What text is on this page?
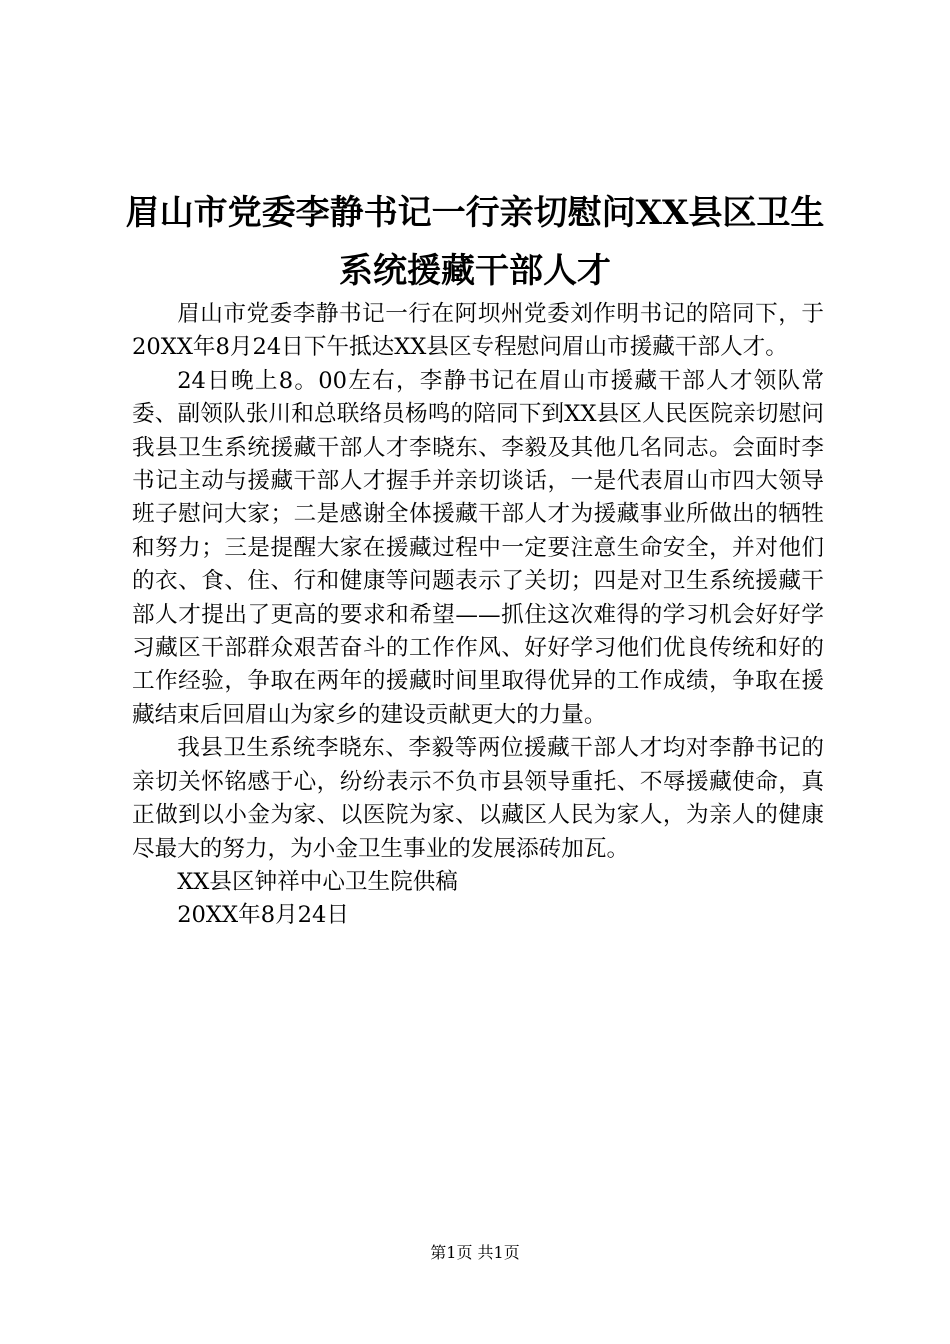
眉山市党委李静书记一行亲切慰问XX县区卫生系统援藏干部人才

眉山市党委李静书记一行在阿坝州党委刘作明书记的陪同下，于20XX年8月24日下午抵达XX县区专程慰问眉山市援藏干部人才。

24日晚上8。00左右，李静书记在眉山市援藏干部人才领队常委、副领队张川和总联络员杨鸣的陪同下到XX县区人民医院亲切慰问我县卫生系统援藏干部人才李晓东、李毅及其他几名同志。会面时李书记主动与援藏干部人才握手并亲切谈话，一是代表眉山市四大领导班子慰问大家；二是感谢全体援藏干部人才为援藏事业所做出的牺牲和努力；三是提醒大家在援藏过程中一定要注意生命安全，并对他们的衣、食、住、行和健康等问题表示了关切；四是对卫生系统援藏干部人才提出了更高的要求和希望——抓住这次难得的学习机会好好学习藏区干部群众艰苦奋斗的工作作风、好好学习他们优良传统和好的工作经验，争取在两年的援藏时间里取得优异的工作成绩，争取在援藏结束后回眉山为家乡的建设贡献更大的力量。

我县卫生系统李晓东、李毅等两位援藏干部人才均对李静书记的亲切关怀铭感于心，纷纷表示不负市县领导重托、不辱援藏使命，真正做到以小金为家、以医院为家、以藏区人民为家人，为亲人的健康尽最大的努力，为小金卫生事业的发展添砖加瓦。

XX县区钟祥中心卫生院供稿

20XX年8月24日

第1页 共1页
